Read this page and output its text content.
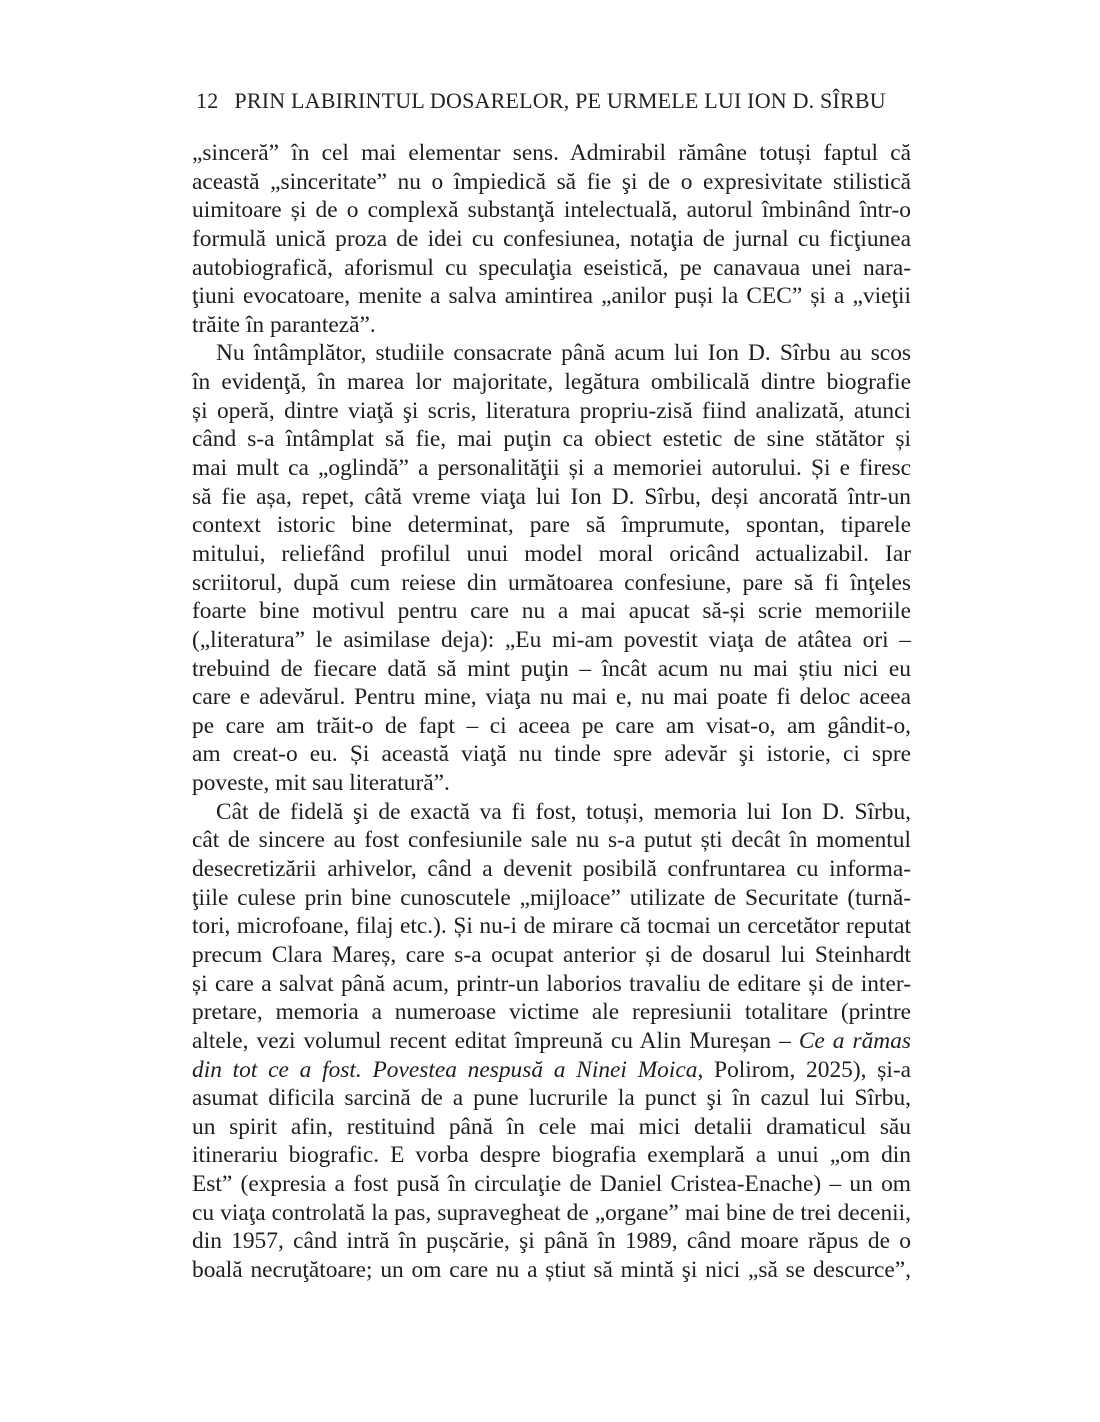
12 PRIN LABIRINTUL DOSARELOR, PE URMELE LUI ION D. SÎRBU
„sinceră” în cel mai elementar sens. Admirabil rămâne totuși faptul că
această „sinceritate” nu o împiedică să fie şi de o expresivitate stilistică
uimitoare și de o complexă substanţă intelectuală, autorul îmbinând într-o
formulă unică proza de idei cu confesiunea, notaţia de jurnal cu ficţiunea
autobiografică, aforismul cu speculaţia eseistică, pe canavaua unei nara-
ţiuni evocatoare, menite a salva amintirea „anilor puși la CEC” și a „vieţii
trăite în paranteză”.
Nu întâmplător, studiile consacrate până acum lui Ion D. Sîrbu au scos
în evidenţă, în marea lor majoritate, legătura ombilicală dintre biografie
și operă, dintre viaţă şi scris, literatura propriu-zisă fiind analizată, atunci
când s-a întâmplat să fie, mai puţin ca obiect estetic de sine stătător și
mai mult ca „oglindă” a personalităţii și a memoriei autorului. Și e firesc
să fie așa, repet, câtă vreme viaţa lui Ion D. Sîrbu, deși ancorată într-un
context istoric bine determinat, pare să împrumute, spontan, tiparele
mitului, reliefând profilul unui model moral oricând actualizabil. Iar
scriitorul, după cum reiese din următoarea confesiune, pare să fi înţeles
foarte bine motivul pentru care nu a mai apucat să-și scrie memoriile
(„literatura” le asimilase deja): „Eu mi-am povestit viaţa de atâtea ori –
trebuind de fiecare dată să mint puţin – încât acum nu mai știu nici eu
care e adevărul. Pentru mine, viaţa nu mai e, nu mai poate fi deloc aceea
pe care am trăit-o de fapt – ci aceea pe care am visat-o, am gândit-o,
am creat-o eu. Și această viaţă nu tinde spre adevăr şi istorie, ci spre
poveste, mit sau literatură”.
Cât de fidelă şi de exactă va fi fost, totuși, memoria lui Ion D. Sîrbu,
cât de sincere au fost confesiunile sale nu s-a putut ști decât în momentul
desecretizării arhivelor, când a devenit posibilă confruntarea cu informa-
ţiile culese prin bine cunoscutele „mijloace” utilizate de Securitate (turnă-
tori, microfoane, filaj etc.). Și nu-i de mirare că tocmai un cercetător reputat
precum Clara Mareș, care s-a ocupat anterior și de dosarul lui Steinhardt
și care a salvat până acum, printr-un laborios travaliu de editare și de inter-
pretare, memoria a numeroase victime ale represiunii totalitare (printre
altele, vezi volumul recent editat împreună cu Alin Mureșan – Ce a rămas
din tot ce a fost. Povestea nespusă a Ninei Moica, Polirom, 2025), și-a
asumat dificila sarcină de a pune lucrurile la punct şi în cazul lui Sîrbu,
un spirit afin, restituind până în cele mai mici detalii dramaticul său
itinerariu biografic. E vorba despre biografia exemplară a unui „om din
Est” (expresia a fost pusă în circulaţie de Daniel Cristea-Enache) – un om
cu viaţa controlată la pas, supravegheat de „organe” mai bine de trei decenii,
din 1957, când intră în pușcărie, şi până în 1989, când moare răpus de o
boală necruţătoare; un om care nu a știut să mintă şi nici „să se descurce”,
